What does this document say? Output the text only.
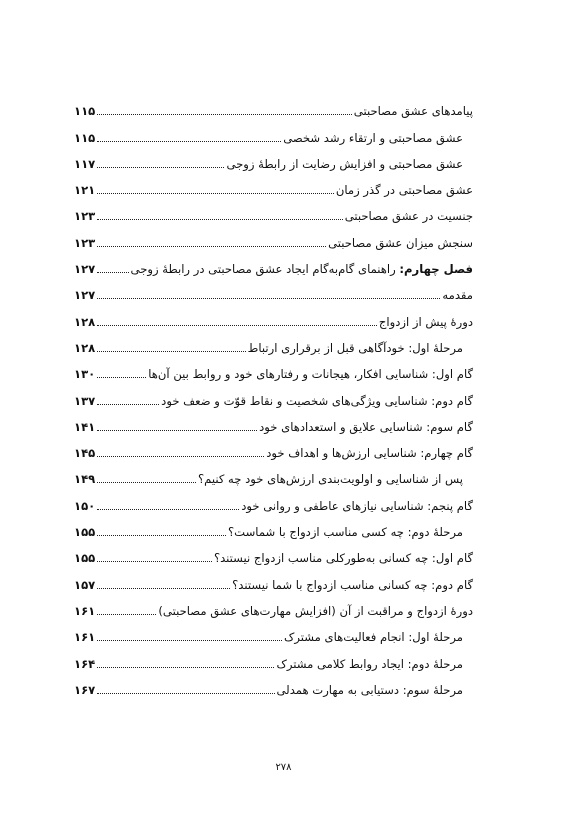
پیامدهای عشق مصاحبتی
۱۱۵
عشق مصاحبتی و ارتقاء رشد شخصی
۱۱۵
عشق مصاحبتی و افزایش رضایت از رابطهٔ زوجی
۱۱۷
عشق مصاحبتی در گذر زمان
۱۲۱
جنسیت در عشق مصاحبتی
۱۲۳
سنجش میزان عشق مصاحبتی
۱۲۳
فصل چهارم: راهنمای گام‌به‌گام ایجاد عشق مصاحبتی در رابطهٔ زوجی
۱۲۷
مقدمه
۱۲۷
دورهٔ پیش از ازدواج
۱۲۸
مرحلهٔ اول: خودآگاهی قبل از برقراری ارتباط
۱۲۸
گام اول: شناسایی افکار، هیجانات و رفتارهای خود و روابط بین آن‌ها
۱۳۰
گام دوم: شناسایی ویژگی‌های شخصیت و نقاط قوّت و ضعف خود
۱۳۷
گام سوم: شناسایی علایق و استعدادهای خود
۱۴۱
گام چهارم: شناسایی ارزش‌ها و اهداف خود
۱۴۵
پس از شناسایی و اولویت‌بندی ارزش‌های خود چه کنیم؟
۱۴۹
گام پنجم: شناسایی نیازهای عاطفی و روانی خود
۱۵۰
مرحلهٔ دوم: چه کسی مناسب ازدواج با شماست؟
۱۵۵
گام اول: چه کسانی به‌طورکلی مناسب ازدواج نیستند؟
۱۵۵
گام دوم: چه کسانی مناسب ازدواج با شما نیستند؟
۱۵۷
دورهٔ ازدواج و مراقبت از آن (افزایش مهارت‌های عشق مصاحبتی)
۱۶۱
مرحلهٔ اول: انجام فعالیت‌های مشترک
۱۶۱
مرحلهٔ دوم: ایجاد روابط کلامی مشترک
۱۶۴
مرحلهٔ سوم: دستیابی به مهارت همدلی
۱۶۷
۲۷۸
